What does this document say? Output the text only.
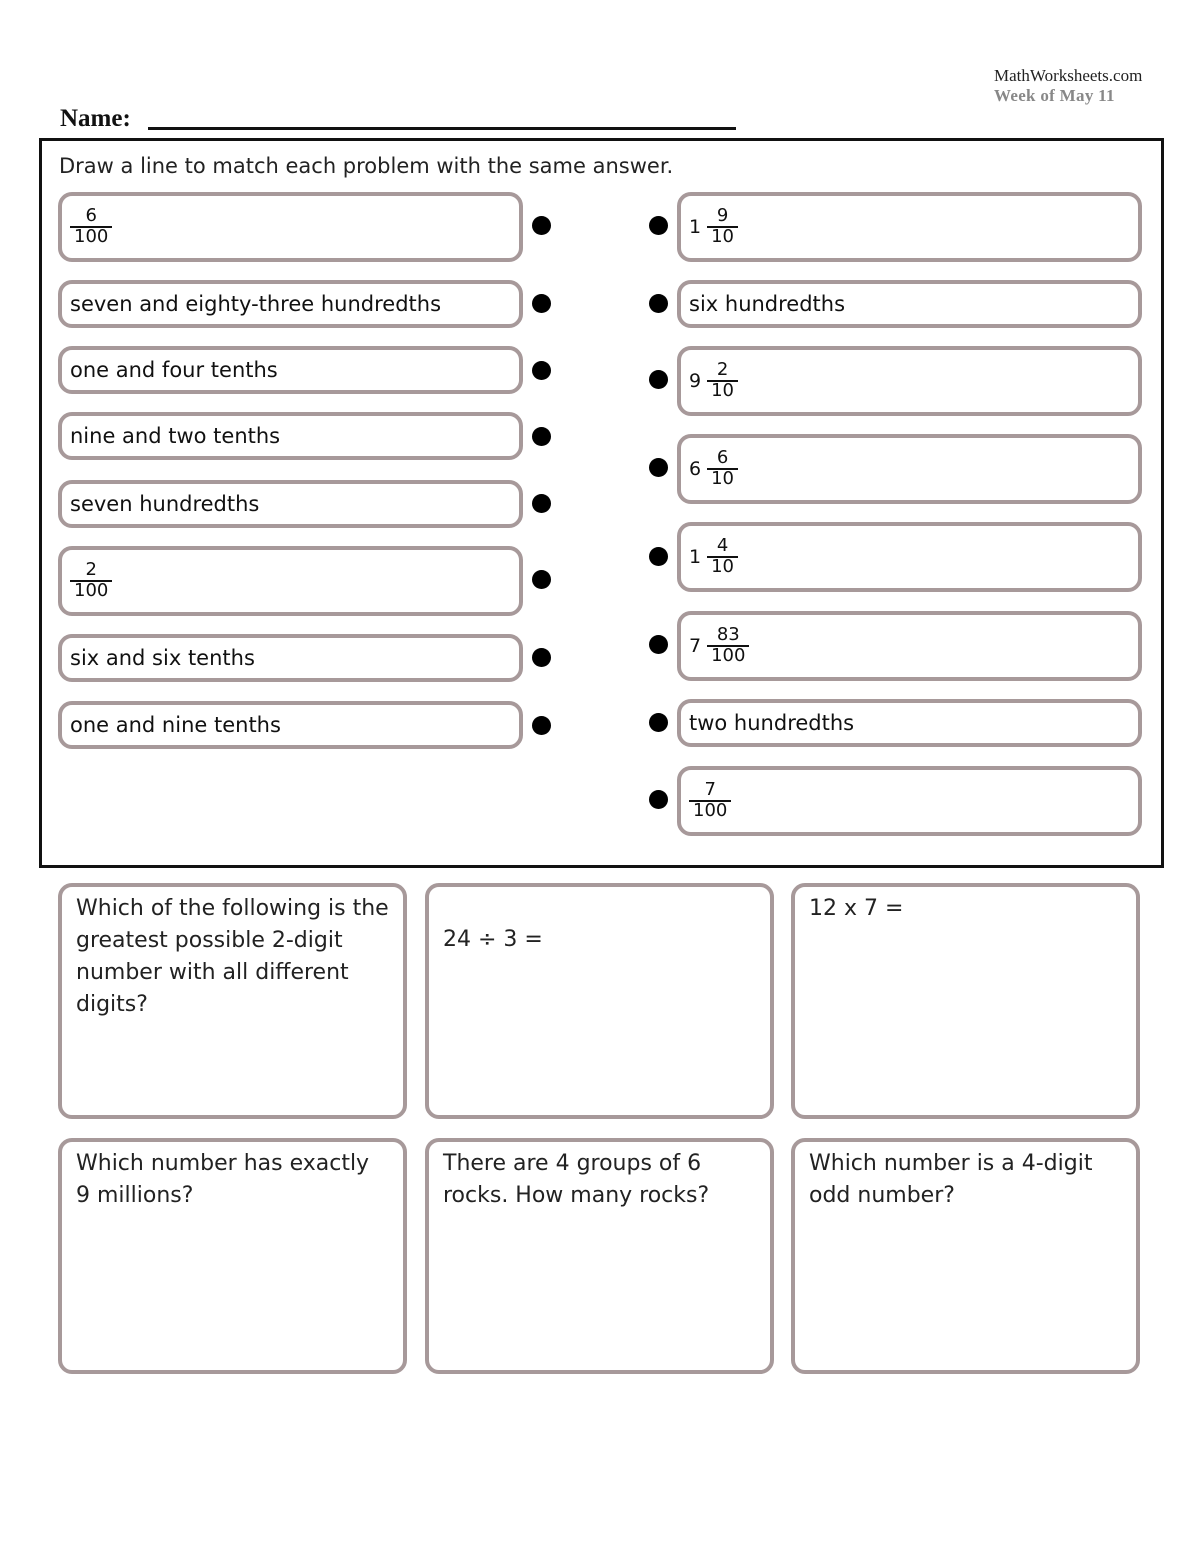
MathWorksheets.com
Week of May 11
Name:
Draw a line to match each problem with the same answer.
$\frac{6}{100}$
seven and eighty-three hundredths
one and four tenths
nine and two tenths
seven hundredths
$\frac{2}{100}$
six and six tenths
one and nine tenths
$1 \frac{9}{10}$
six hundredths
$9 \frac{2}{10}$
$6 \frac{6}{10}$
$1 \frac{4}{10}$
$7 \frac{83}{100}$
two hundredths
$\frac{7}{100}$
Which of the following is the greatest possible 2-digit number with all different digits?
24 ÷ 3 =
12 x 7 =
Which number has exactly 9 millions?
There are 4 groups of 6 rocks. How many rocks?
Which number is a 4-digit odd number?
